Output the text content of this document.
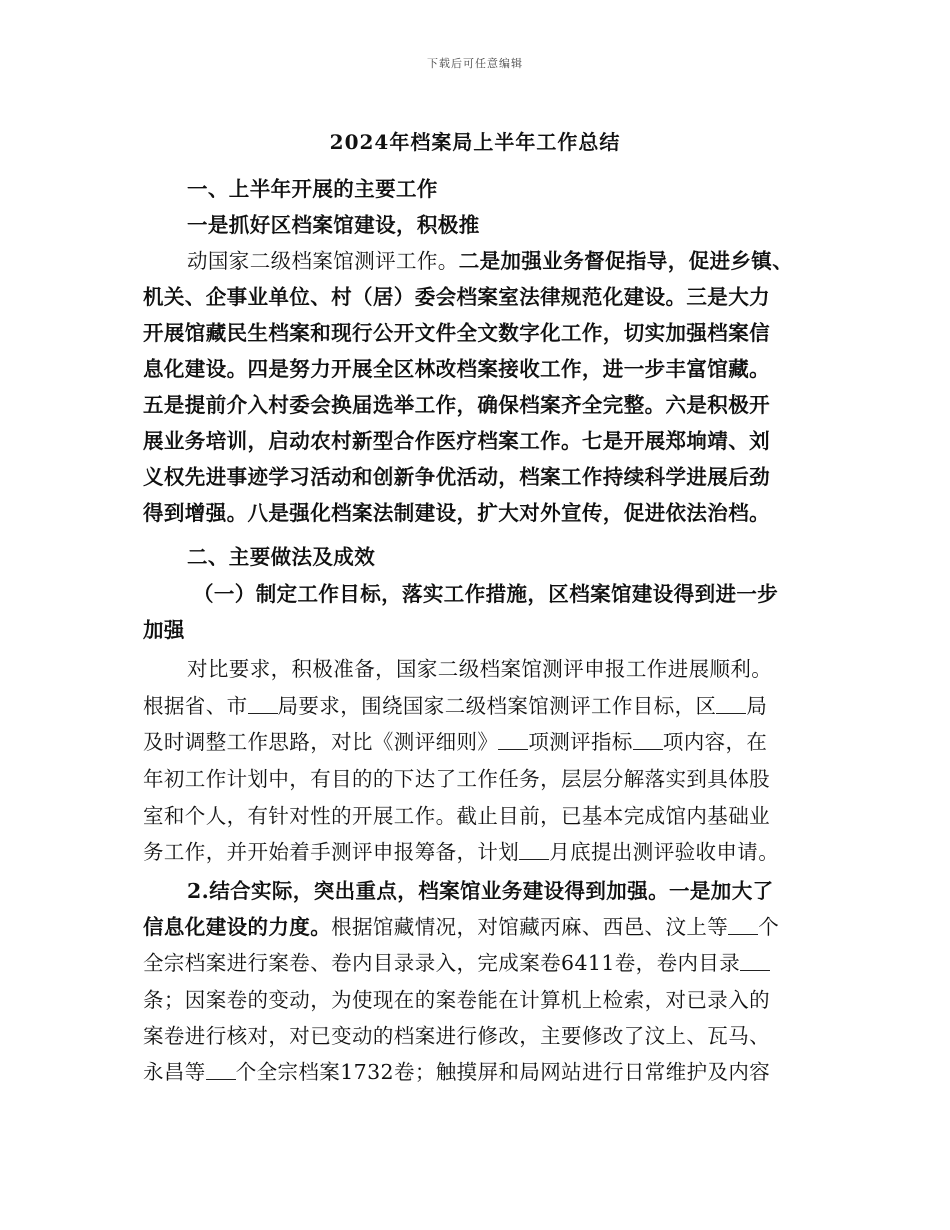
下载后可任意编辑
2024年档案局上半年工作总结
一、上半年开展的主要工作
一是抓好区档案馆建设，积极推
动国家二级档案馆测评工作。二是加强业务督促指导，促进乡镇、
机关、企事业单位、村（居）委会档案室法律规范化建设。三是大力
开展馆藏民生档案和现行公开文件全文数字化工作，切实加强档案信
息化建设。四是努力开展全区林改档案接收工作，进一步丰富馆藏。
五是提前介入村委会换届选举工作，确保档案齐全完整。六是积极开
展业务培训，启动农村新型合作医疗档案工作。七是开展郑垧靖、刘
义权先进事迹学习活动和创新争优活动，档案工作持续科学进展后劲
得到增强。八是强化档案法制建设，扩大对外宣传，促进依法治档。
二、主要做法及成效
（一）制定工作目标，落实工作措施，区档案馆建设得到进一步
加强
对比要求，积极准备，国家二级档案馆测评申报工作进展顺利。
根据省、市 局要求，围绕国家二级档案馆测评工作目标，区 局
及时调整工作思路，对比《测评细则》 项测评指标 项内容，在
年初工作计划中，有目的的下达了工作任务，层层分解落实到具体股
室和个人，有针对性的开展工作。截止目前，已基本完成馆内基础业
务工作，并开始着手测评申报筹备，计划 月底提出测评验收申请。
2.结合实际，突出重点，档案馆业务建设得到加强。一是加大了
信息化建设的力度。根据馆藏情况，对馆藏丙麻、西邑、汶上等 个
全宗档案进行案卷、卷内目录录入，完成案卷6411卷，卷内目录
条；因案卷的变动，为使现在的案卷能在计算机上检索，对已录入的
案卷进行核对，对已变动的档案进行修改，主要修改了汶上、瓦马、
永昌等 个全宗档案1732卷；触摸屏和局网站进行日常维护及内容
